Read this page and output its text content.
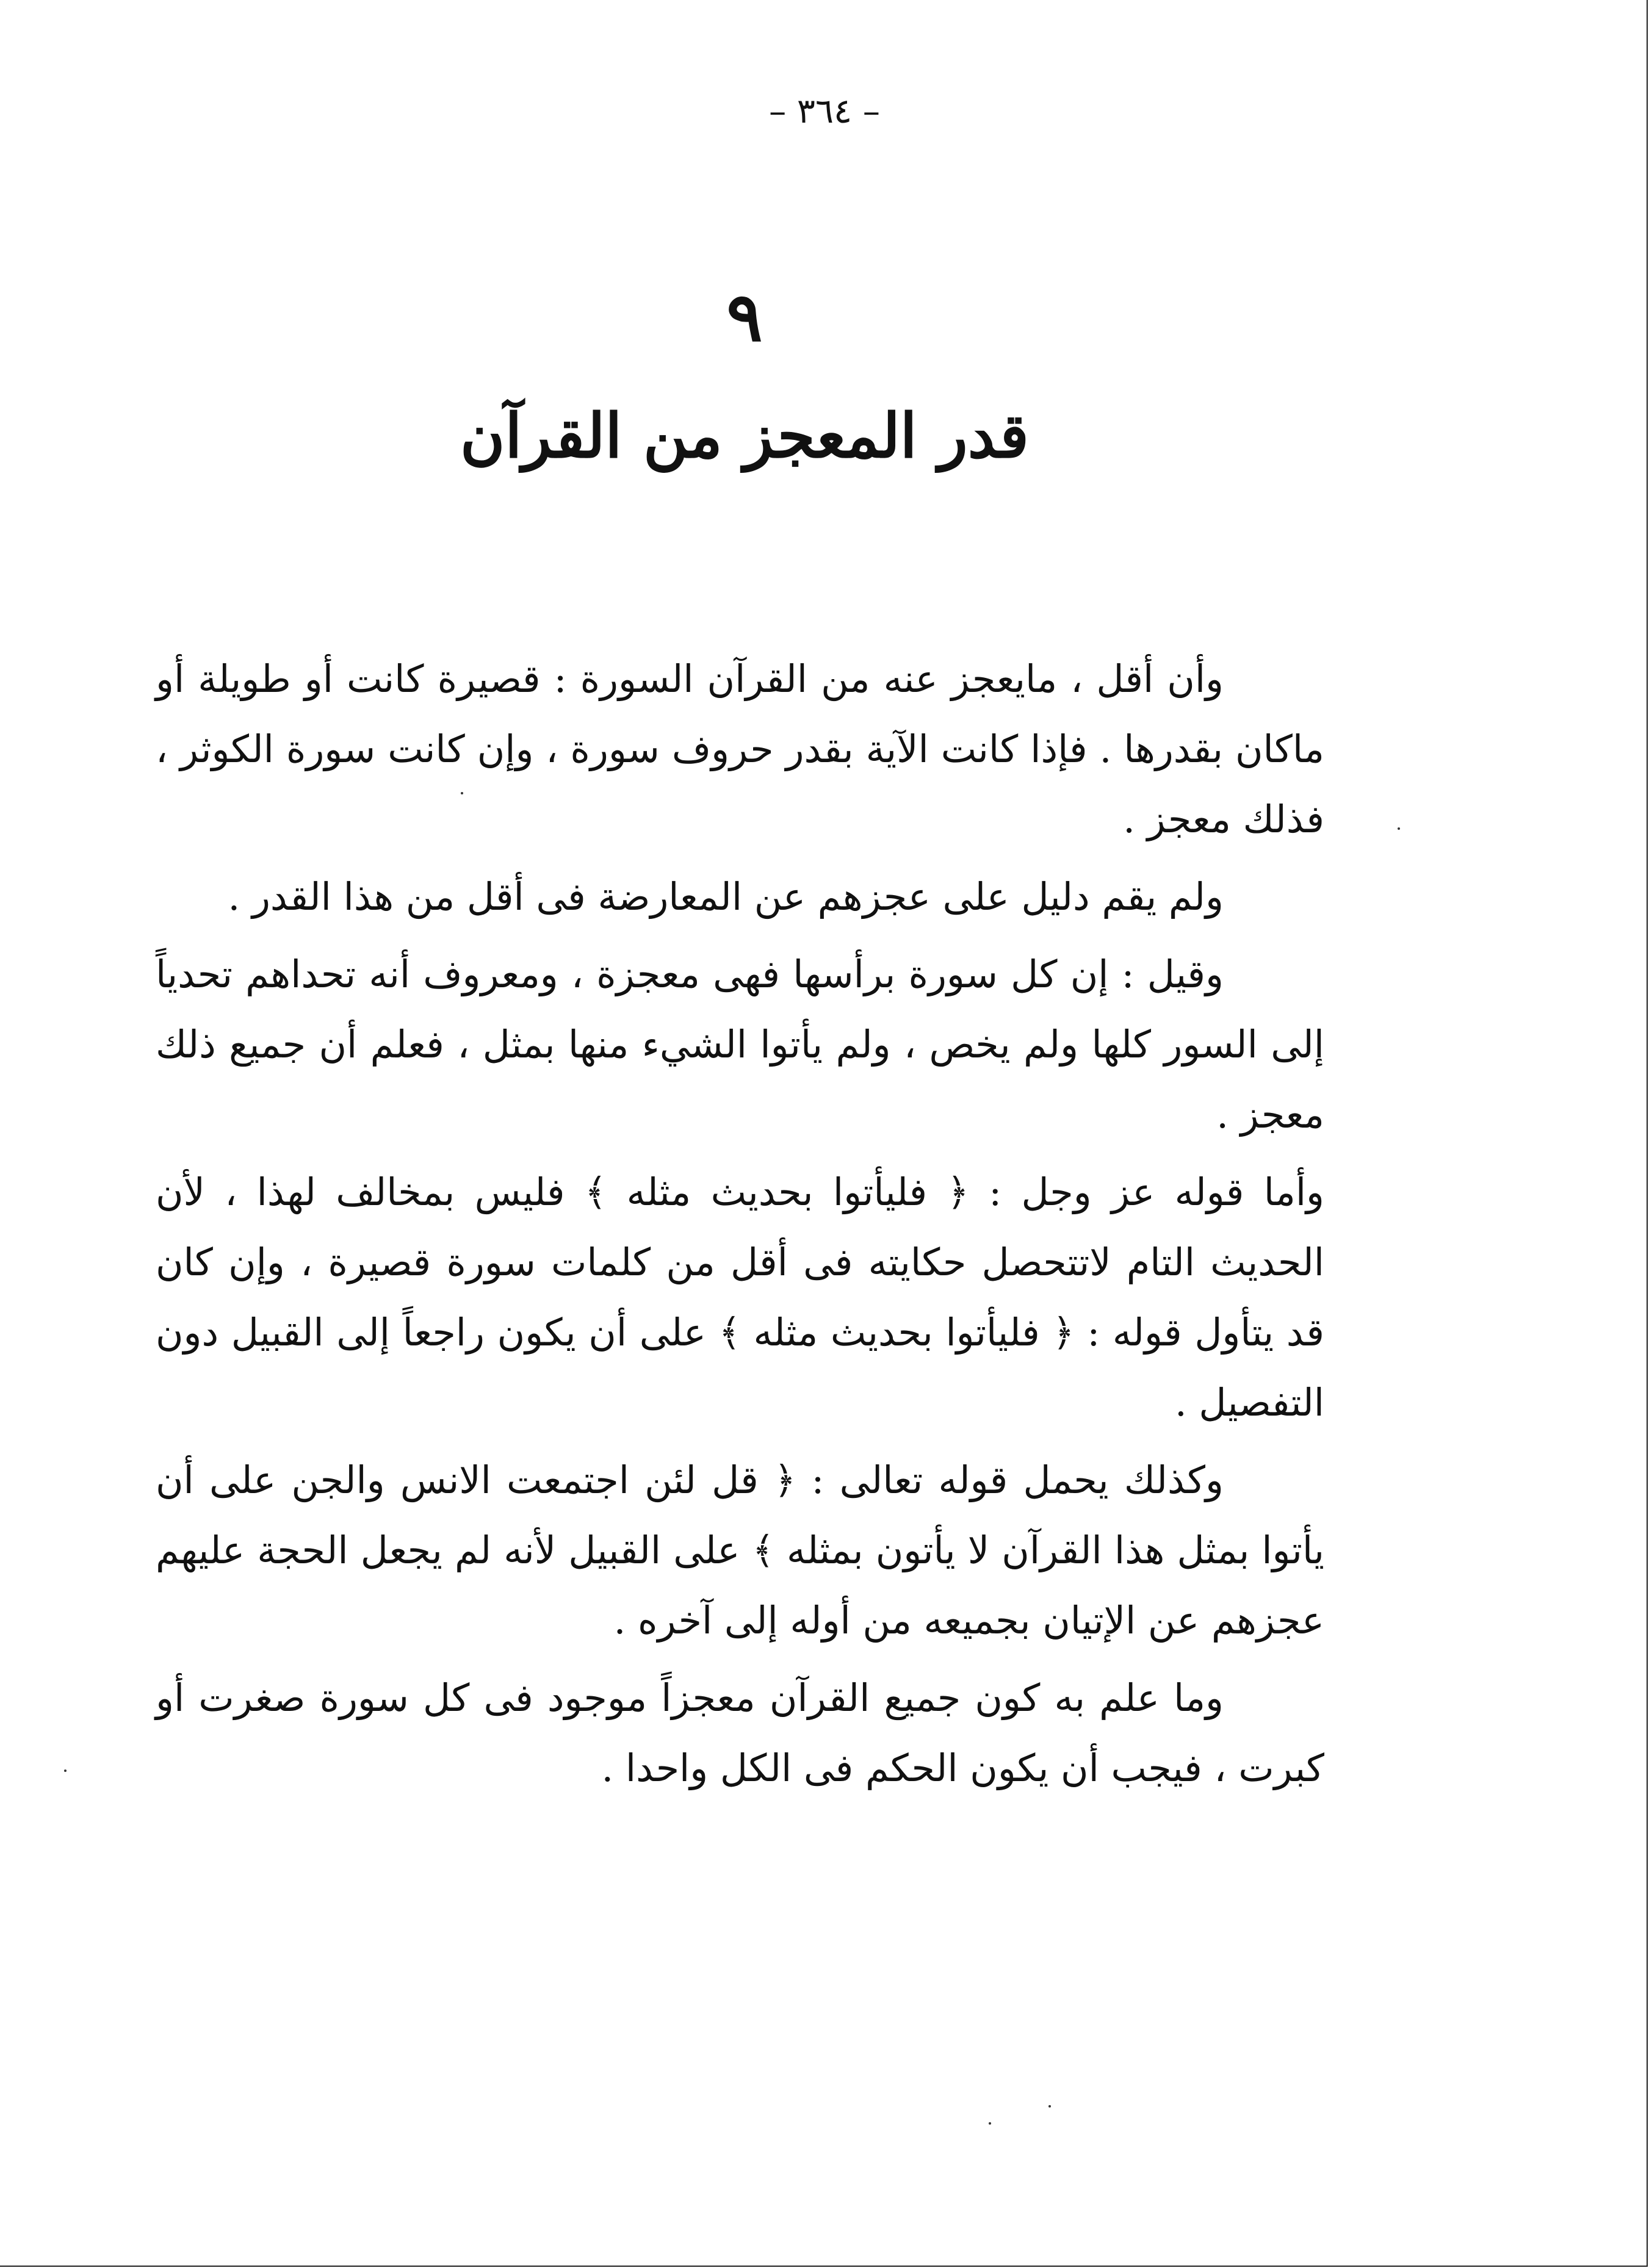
– ٣٦٤ –
٩
قدر المعجز من القرآن

وأن أقل ، مايعجز عنه من القرآن السورة : قصيرة كانت أو طويلة أو ماكان بقدرها . فإذا كانت الآية بقدر حروف سورة ، وإن كانت سورة الكوثر ، فذلك معجز .

ولم يقم دليل على عجزهم عن المعارضة فى أقل من هذا القدر .

وقيل : إن كل سورة برأسها فهى معجزة ، ومعروف أنه تحداهم تحدياً إلى السور كلها ولم يخص ، ولم يأتوا الشيء منها بمثل ، فعلم أن جميع ذلك معجز .

وأما قوله عز وجل : ﴿ فليأتوا بحديث مثله ﴾ فليس بمخالف لهذا ، لأن الحديث التام لاتتحصل حكايته فى أقل من كلمات سورة قصيرة ، وإن كان قد يتأول قوله : ﴿ فليأتوا بحديث مثله ﴾ على أن يكون راجعاً إلى القبيل دون التفصيل .

وكذلك يحمل قوله تعالى : ﴿ قل لئن اجتمعت الانس والجن على أن يأتوا بمثل هذا القرآن لا يأتون بمثله ﴾ على القبيل لأنه لم يجعل الحجة عليهم عجزهم عن الإتيان بجميعه من أوله إلى آخره .

وما علم به كون جميع القرآن معجزاً موجود فى كل سورة صغرت أو كبرت ، فيجب أن يكون الحكم فى الكل واحدا .
